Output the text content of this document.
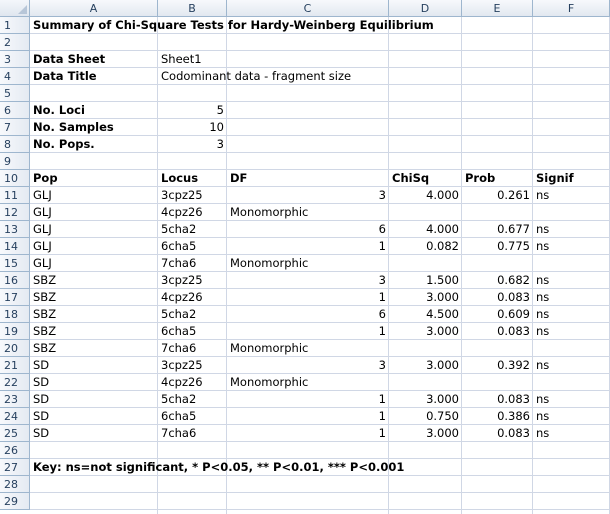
A	B	C	D	E	F
1
2
3
4
5
6
7
8
9
10
11
12
13
14
15
16
17
18
19
20
21
22
23
24
25
26
27
28
29
Summary of Chi-Square Tests for Hardy-Weinberg Equilibrium
Data Sheet	Sheet1
Data Title	Codominant data - fragment size
No. Loci	5
No. Samples	10
No. Pops.	3
Pop	Locus	DF	ChiSq	Prob	Signif
GLJ	3cpz25	3	4.000	0.261 ns
GLJ	4cpz26	Monomorphic
GLJ	5cha2	6	4.000	0.677 ns
GLJ	6cha5	1	0.082	0.775 ns
GLJ	7cha6	Monomorphic
SBZ	3cpz25	3	1.500	0.682 ns
SBZ	4cpz26	1	3.000	0.083 ns
SBZ	5cha2	6	4.500	0.609 ns
SBZ	6cha5	1	3.000	0.083 ns
SBZ	7cha6	Monomorphic
SD	3cpz25	3	3.000	0.392 ns
SD	4cpz26	Monomorphic
SD	5cha2	1	3.000	0.083 ns
SD	6cha5	1	0.750	0.386 ns
SD	7cha6	1	3.000	0.083 ns
Key: ns=not significant, * P<0.05, ** P<0.01, *** P<0.001
